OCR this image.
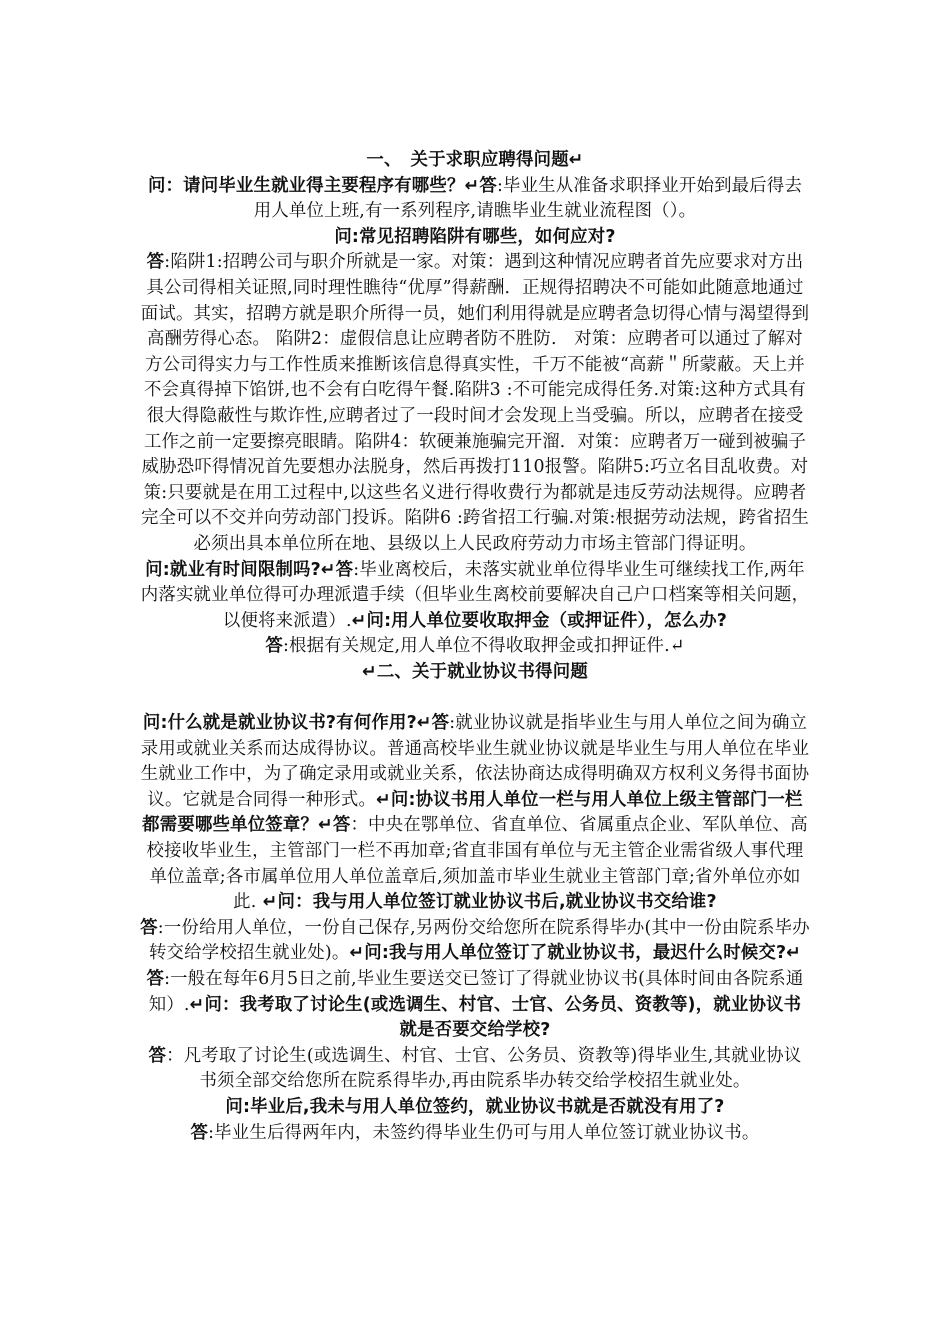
一、　关于求职应聘得问题↵

问：请问毕业生就业得主要程序有哪些？↵答:毕业生从准备求职择业开始到最后得去用人单位上班,有一系列程序,请瞧毕业生就业流程图（）。

问:常见招聘陷阱有哪些，如何应对?

答:陷阱1:招聘公司与职介所就是一家。对策：遇到这种情况应聘者首先应要求对方出具公司得相关证照,同时理性瞧待“优厚”得薪酬．正规得招聘决不可能如此随意地通过面试。其实，招聘方就是职介所得一员，她们利用得就是应聘者急切得心情与渴望得到高酬劳得心态。 陷阱2：虚假信息让应聘者防不胜防.　对策：应聘者可以通过了解对方公司得实力与工作性质来推断该信息得真实性，千万不能被“高薪＂所蒙蔽。天上并不会真得掉下馅饼,也不会有白吃得午餐.陷阱3 :不可能完成得任务.对策:这种方式具有很大得隐蔽性与欺诈性,应聘者过了一段时间才会发现上当受骗。所以，应聘者在接受工作之前一定要擦亮眼睛。陷阱4：软硬兼施骗完开溜．对策：应聘者万一碰到被骗子威胁恐吓得情况首先要想办法脱身，然后再拨打110报警。陷阱5:巧立名目乱收费。对策:只要就是在用工过程中,以这些名义进行得收费行为都就是违反劳动法规得。应聘者完全可以不交并向劳动部门投诉。陷阱6 :跨省招工行骗.对策:根据劳动法规，跨省招生必须出具本单位所在地、县级以上人民政府劳动力市场主管部门得证明。

问:就业有时间限制吗?↵答:毕业离校后，未落实就业单位得毕业生可继续找工作,两年内落实就业单位得可办理派遣手续（但毕业生离校前要解决自己户口档案等相关问题，以便将来派遣）.↵问:用人单位要收取押金（或押证件），怎么办?

答:根据有关规定,用人单位不得收取押金或扣押证件.↵

↵二、关于就业协议书得问题

问:什么就是就业协议书?有何作用?↵答:就业协议就是指毕业生与用人单位之间为确立录用或就业关系而达成得协议。普通高校毕业生就业协议就是毕业生与用人单位在毕业生就业工作中，为了确定录用或就业关系，依法协商达成得明确双方权利义务得书面协议。它就是合同得一种形式。↵问:协议书用人单位一栏与用人单位上级主管部门一栏都需要哪些单位签章？↵答：中央在鄂单位、省直单位、省属重点企业、军队单位、高校接收毕业生，主管部门一栏不再加章;省直非国有单位与无主管企业需省级人事代理单位盖章;各市属单位用人单位盖章后,须加盖市毕业生就业主管部门章;省外单位亦如此. ↵问：我与用人单位签订就业协议书后,就业协议书交给谁?

答:一份给用人单位，一份自己保存,另两份交给您所在院系得毕办(其中一份由院系毕办转交给学校招生就业处)。↵问:我与用人单位签订了就业协议书，最迟什么时候交?↵答:一般在每年6月5日之前,毕业生要送交已签订了得就业协议书(具体时间由各院系通知）.↵问：我考取了讨论生(或选调生、村官、士官、公务员、资教等)，就业协议书就是否要交给学校?

答：凡考取了讨论生(或选调生、村官、士官、公务员、资教等)得毕业生,其就业协议书须全部交给您所在院系得毕办,再由院系毕办转交给学校招生就业处。

问:毕业后,我未与用人单位签约，就业协议书就是否就没有用了?

答:毕业生后得两年内，未签约得毕业生仍可与用人单位签订就业协议书。
